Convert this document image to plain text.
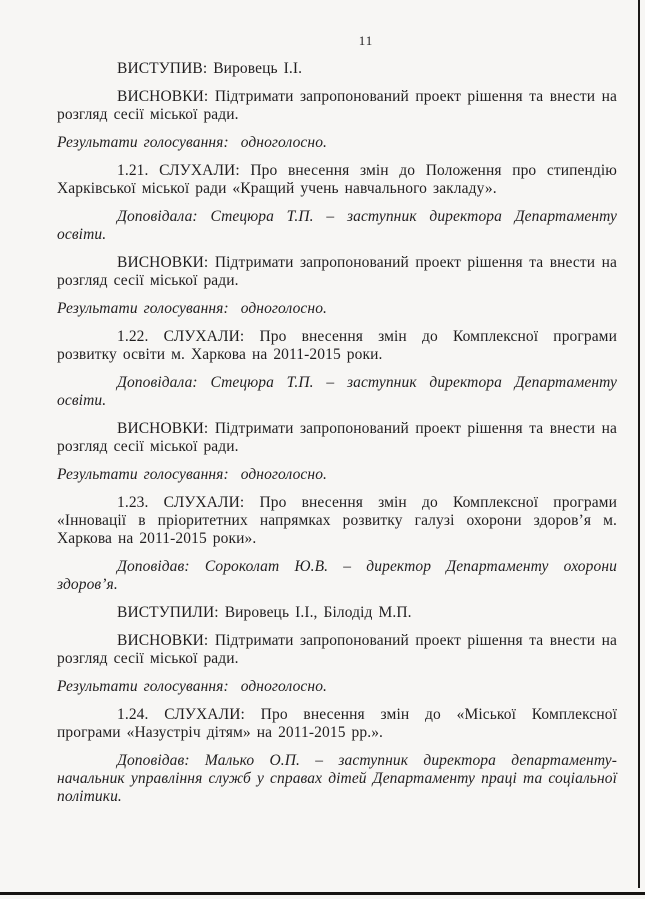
11

ВИСТУПИВ: Вировець І.І.

ВИСНОВКИ: Підтримати запропонований проект рішення та внести на розгляд сесії міської ради.

Результати голосування: одноголосно.

1.21. СЛУХАЛИ: Про внесення змін до Положення про стипендію Харківської міської ради «Кращий учень навчального закладу».

Доповідала: Стецюра Т.П. – заступник директора Департаменту освіти.

ВИСНОВКИ: Підтримати запропонований проект рішення та внести на розгляд сесії міської ради.

Результати голосування: одноголосно.

1.22. СЛУХАЛИ: Про внесення змін до Комплексної програми розвитку освіти м. Харкова на 2011-2015 роки.

Доповідала: Стецюра Т.П. – заступник директора Департаменту освіти.

ВИСНОВКИ: Підтримати запропонований проект рішення та внести на розгляд сесії міської ради.

Результати голосування: одноголосно.

1.23. СЛУХАЛИ: Про внесення змін до Комплексної програми «Інновації в пріоритетних напрямках розвитку галузі охорони здоров’я м. Харкова на 2011-2015 роки».

Доповідав: Сороколат Ю.В. – директор Департаменту охорони здоров’я.

ВИСТУПИЛИ: Вировець І.І., Білодід М.П.

ВИСНОВКИ: Підтримати запропонований проект рішення та внести на розгляд сесії міської ради.

Результати голосування: одноголосно.

1.24. СЛУХАЛИ: Про внесення змін до «Міської Комплексної програми «Назустріч дітям» на 2011-2015 рр.».

Доповідав: Малько О.П. – заступник директора департаменту-начальник управління служб у справах дітей Департаменту праці та соціальної політики.
